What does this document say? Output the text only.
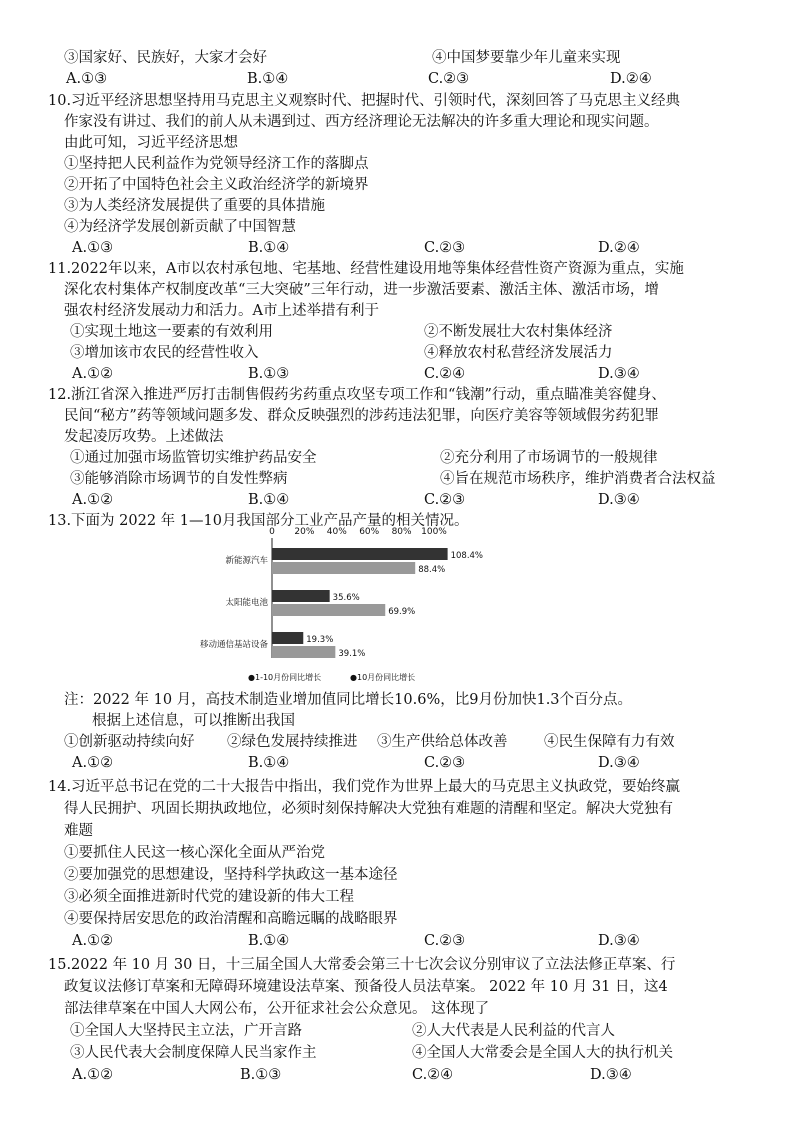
③国家好、民族好，大家才会好	④中国梦要靠少年儿童来实现
A.①③	B.①④	C.②③	D.②④
10.习近平经济思想坚持用马克思主义观察时代、把握时代、引领时代，深刻回答了马克思主义经典
作家没有讲过、我们的前人从未遇到过、西方经济理论无法解决的许多重大理论和现实问题。
由此可知，习近平经济思想
①坚持把人民利益作为党领导经济工作的落脚点
②开拓了中国特色社会主义政治经济学的新境界
③为人类经济发展提供了重要的具体措施
④为经济学发展创新贡献了中国智慧
A.①③	B.①④	C.②③	D.②④
11.2022年以来，A市以农村承包地、宅基地、经营性建设用地等集体经营性资产资源为重点，实施
深化农村集体产权制度改革“三大突破”三年行动，进一步激活要素、激活主体、激活市场，增
强农村经济发展动力和活力。A市上述举措有利于
①实现土地这一要素的有效利用	②不断发展壮大农村集体经济
③增加该市农民的经营性收入	④释放农村私营经济发展活力
A.①②	B.①③	C.②④	D.③④
12.浙江省深入推进严厉打击制售假药劣药重点攻坚专项工作和“钱潮”行动，重点瞄准美容健身、
民间“秘方”药等领域问题多发、群众反映强烈的涉药违法犯罪，向医疗美容等领域假劣药犯罪
发起凌厉攻势。上述做法
①通过加强市场监管切实维护药品安全	②充分利用了市场调节的一般规律
③能够消除市场调节的自发性弊病	④旨在规范市场秩序，维护消费者合法权益
A.①②	B.①④	C.②③	D.③④
13.下面为 2022 年 1—10月我国部分工业产品产量的相关情况。
0 20% 40% 60% 80% 100%
新能源汽车	108.4%
88.4%
太阳能电池	35.6%
69.9%
移动通信基站设备	19.3%
39.1%
●1-10月份同比增长	●10月份同比增长
注：2022 年 10 月，高技术制造业增加值同比增长10.6%，比9月份加快1.3个百分点。
根据上述信息，可以推断出我国
①创新驱动持续向好 ②绿色发展持续推进 ③生产供给总体改善	④民生保障有力有效
A.①②	B.①④	C.②③	D.③④
14.习近平总书记在党的二十大报告中指出，我们党作为世界上最大的马克思主义执政党，要始终赢
得人民拥护、巩固长期执政地位，必须时刻保持解决大党独有难题的清醒和坚定。解决大党独有
难题
①要抓住人民这一核心深化全面从严治党
②要加强党的思想建设，坚持科学执政这一基本途径
③必须全面推进新时代党的建设新的伟大工程
④要保持居安思危的政治清醒和高瞻远瞩的战略眼界
A.①②	B.①④	C.②③	D.③④
15.2022 年 10 月 30 日，十三届全国人大常委会第三十七次会议分别审议了立法法修正草案、行
政复议法修订草案和无障碍环境建设法草案、预备役人员法草案。 2022 年 10 月 31 日，这4
部法律草案在中国人大网公布，公开征求社会公众意见。 这体现了
①全国人大坚持民主立法，广开言路	②人大代表是人民利益的代言人
③人民代表大会制度保障人民当家作主	④全国人大常委会是全国人大的执行机关
A.①②	B.①③	C.②④	D.③④
